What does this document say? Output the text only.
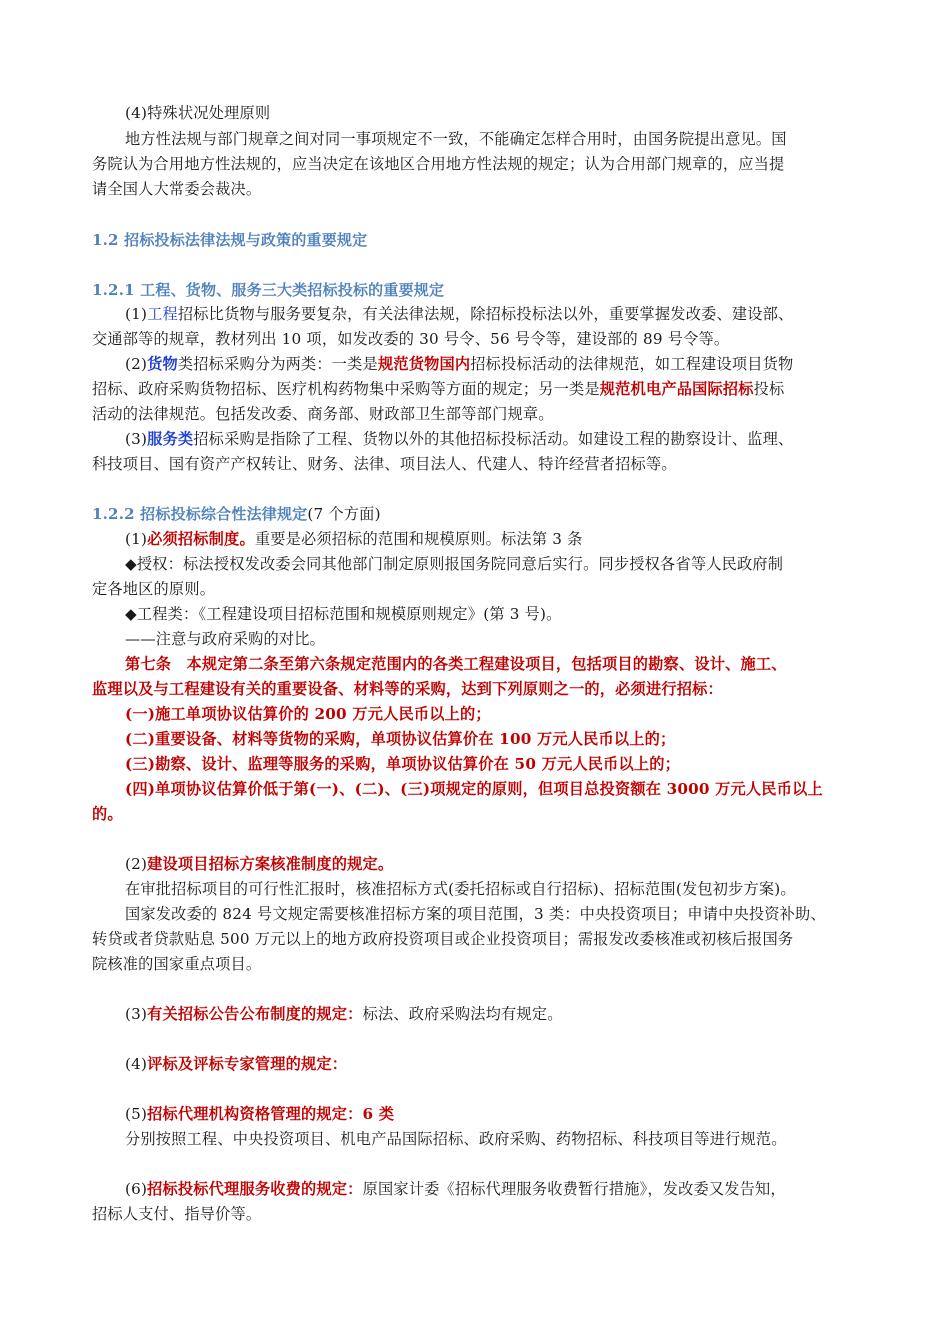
(4)特殊状况处理原则
地方性法规与部门规章之间对同一事项规定不一致，不能确定怎样合用时，由国务院提出意见。国
务院认为合用地方性法规的，应当决定在该地区合用地方性法规的规定；认为合用部门规章的，应当提
请全国人大常委会裁决。
1.2 招标投标法律法规与政策的重要规定
1.2.1 工程、货物、服务三大类招标投标的重要规定
(1)工程招标比货物与服务要复杂，有关法律法规，除招标投标法以外，重要掌握发改委、建设部、
交通部等的规章，教材列出 10 项，如发改委的 30 号令、56 号令等，建设部的 89 号令等。
(2)货物类招标采购分为两类：一类是规范货物国内招标投标活动的法律规范，如工程建设项目货物
招标、政府采购货物招标、医疗机构药物集中采购等方面的规定；另一类是规范机电产品国际招标投标
活动的法律规范。包括发改委、商务部、财政部卫生部等部门规章。
(3)服务类招标采购是指除了工程、货物以外的其他招标投标活动。如建设工程的勘察设计、监理、
科技项目、国有资产产权转让、财务、法律、项目法人、代建人、特许经营者招标等。
1.2.2 招标投标综合性法律规定(7 个方面)
(1)必须招标制度。重要是必须招标的范围和规模原则。标法第 3 条
◆授权：标法授权发改委会同其他部门制定原则报国务院同意后实行。同步授权各省等人民政府制
定各地区的原则。
◆工程类：《工程建设项目招标范围和规模原则规定》(第 3 号)。
——注意与政府采购的对比。
第七条　本规定第二条至第六条规定范围内的各类工程建设项目，包括项目的勘察、设计、施工、
监理以及与工程建设有关的重要设备、材料等的采购，达到下列原则之一的，必须进行招标：
(一)施工单项协议估算价的 200 万元人民币以上的；
(二)重要设备、材料等货物的采购，单项协议估算价在 100 万元人民币以上的；
(三)勘察、设计、监理等服务的采购，单项协议估算价在 50 万元人民币以上的；
(四)单项协议估算价低于第(一)、(二)、(三)项规定的原则，但项目总投资额在 3000 万元人民币以上
的。
(2)建设项目招标方案核准制度的规定。
在审批招标项目的可行性汇报时，核准招标方式(委托招标或自行招标)、招标范围(发包初步方案)。
国家发改委的 824 号文规定需要核准招标方案的项目范围，3 类：中央投资项目；申请中央投资补助、
转贷或者贷款贴息 500 万元以上的地方政府投资项目或企业投资项目；需报发改委核准或初核后报国务
院核准的国家重点项目。
(3)有关招标公告公布制度的规定：标法、政府采购法均有规定。
(4)评标及评标专家管理的规定：
(5)招标代理机构资格管理的规定：6 类
分别按照工程、中央投资项目、机电产品国际招标、政府采购、药物招标、科技项目等进行规范。
(6)招标投标代理服务收费的规定：原国家计委《招标代理服务收费暂行措施》，发改委又发告知，
招标人支付、指导价等。
